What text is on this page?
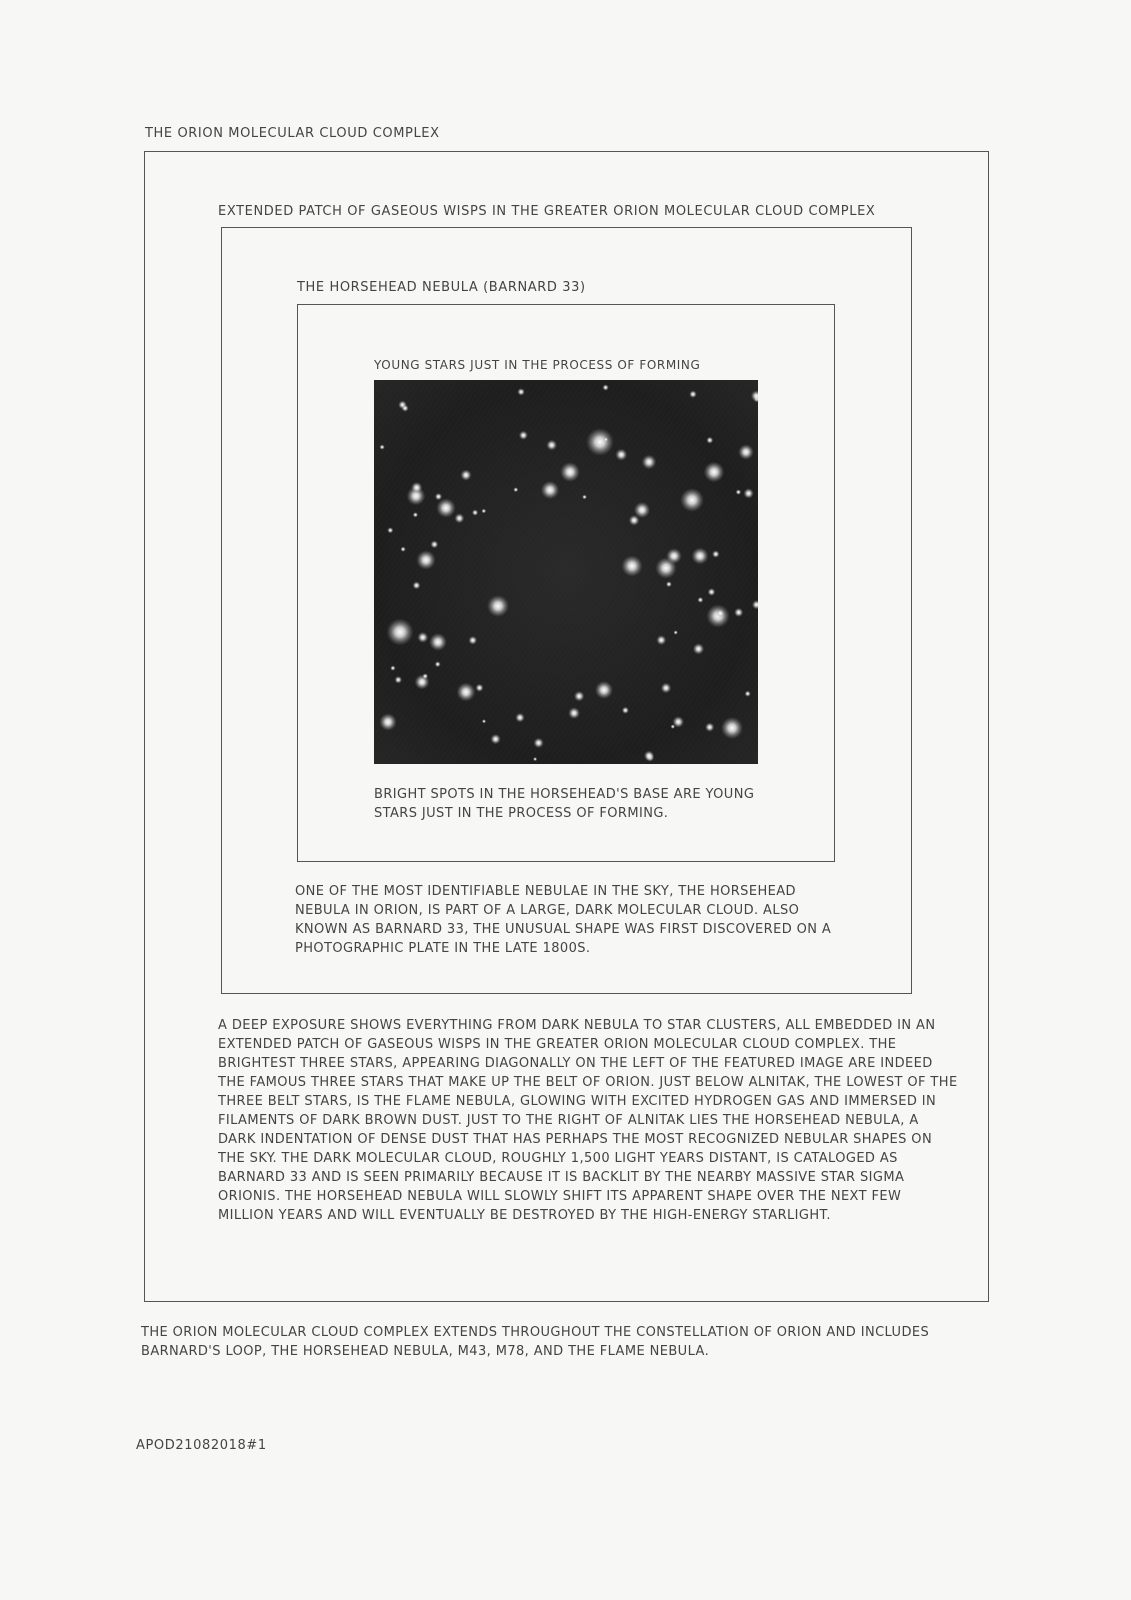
THE ORION MOLECULAR CLOUD COMPLEX

EXTENDED PATCH OF GASEOUS WISPS IN THE GREATER ORION MOLECULAR CLOUD COMPLEX

THE HORSEHEAD NEBULA (BARNARD 33)

YOUNG STARS JUST IN THE PROCESS OF FORMING

BRIGHT SPOTS IN THE HORSEHEAD'S BASE ARE YOUNG STARS JUST IN THE PROCESS OF FORMING.

ONE OF THE MOST IDENTIFIABLE NEBULAE IN THE SKY, THE HORSEHEAD NEBULA IN ORION, IS PART OF A LARGE, DARK MOLECULAR CLOUD. ALSO KNOWN AS BARNARD 33, THE UNUSUAL SHAPE WAS FIRST DISCOVERED ON A PHOTOGRAPHIC PLATE IN THE LATE 1800S.

A DEEP EXPOSURE SHOWS EVERYTHING FROM DARK NEBULA TO STAR CLUSTERS, ALL EMBEDDED IN AN EXTENDED PATCH OF GASEOUS WISPS IN THE GREATER ORION MOLECULAR CLOUD COMPLEX. THE BRIGHTEST THREE STARS, APPEARING DIAGONALLY ON THE LEFT OF THE FEATURED IMAGE ARE INDEED THE FAMOUS THREE STARS THAT MAKE UP THE BELT OF ORION. JUST BELOW ALNITAK, THE LOWEST OF THE THREE BELT STARS, IS THE FLAME NEBULA, GLOWING WITH EXCITED HYDROGEN GAS AND IMMERSED IN FILAMENTS OF DARK BROWN DUST. JUST TO THE RIGHT OF ALNITAK LIES THE HORSEHEAD NEBULA, A DARK INDENTATION OF DENSE DUST THAT HAS PERHAPS THE MOST RECOGNIZED NEBULAR SHAPES ON THE SKY. THE DARK MOLECULAR CLOUD, ROUGHLY 1,500 LIGHT YEARS DISTANT, IS CATALOGED AS BARNARD 33 AND IS SEEN PRIMARILY BECAUSE IT IS BACKLIT BY THE NEARBY MASSIVE STAR SIGMA ORIONIS. THE HORSEHEAD NEBULA WILL SLOWLY SHIFT ITS APPARENT SHAPE OVER THE NEXT FEW MILLION YEARS AND WILL EVENTUALLY BE DESTROYED BY THE HIGH-ENERGY STARLIGHT.

THE ORION MOLECULAR CLOUD COMPLEX EXTENDS THROUGHOUT THE CONSTELLATION OF ORION AND INCLUDES BARNARD'S LOOP, THE HORSEHEAD NEBULA, M43, M78, AND THE FLAME NEBULA.

APOD21082018#1
